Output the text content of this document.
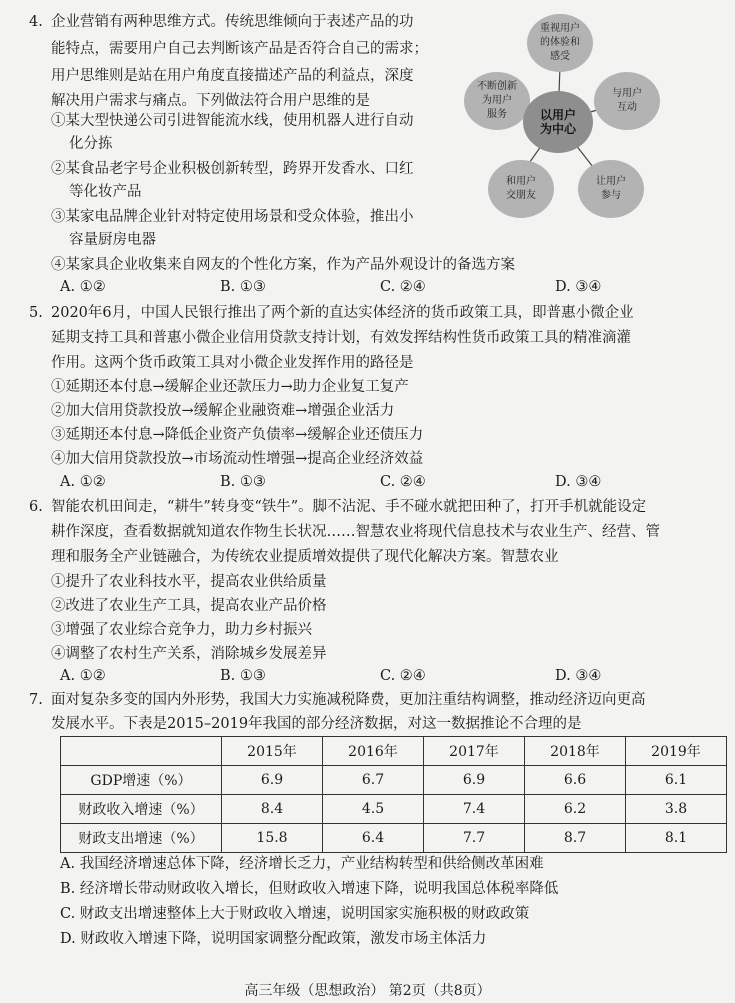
4. 企业营销有两种思维方式。传统思维倾向于表述产品的功
能特点，需要用户自己去判断该产品是否符合自己的需求；
用户思维则是站在用户角度直接描述产品的利益点，深度
解决用户需求与痛点。下列做法符合用户思维的是
①某大型快递公司引进智能流水线，使用机器人进行自动
化分拣
②某食品老字号企业积极创新转型，跨界开发香水、口红
等化妆产品
③某家电品牌企业针对特定使用场景和受众体验，推出小
容量厨房电器
④某家具企业收集来自网友的个性化方案，作为产品外观设计的备选方案
A. ①②	B. ①③	C. ②④	D. ③④
重视用户
的体验和
感受
不断创新
为用户
服务
与用户
互动
以用户
为中心
和用户
交朋友
让用户
参与
5. 2020年6月，中国人民银行推出了两个新的直达实体经济的货币政策工具，即普惠小微企业
延期支持工具和普惠小微企业信用贷款支持计划，有效发挥结构性货币政策工具的精准滴灌
作用。这两个货币政策工具对小微企业发挥作用的路径是
①延期还本付息→缓解企业还款压力→助力企业复工复产
②加大信用贷款投放→缓解企业融资难→增强企业活力
③延期还本付息→降低企业资产负债率→缓解企业还债压力
④加大信用贷款投放→市场流动性增强→提高企业经济效益
A. ①②	B. ①③	C. ②④	D. ③④
6. 智能农机田间走，“耕牛”转身变“铁牛”。脚不沾泥、手不碰水就把田种了，打开手机就能设定
耕作深度，查看数据就知道农作物生长状况……智慧农业将现代信息技术与农业生产、经营、管
理和服务全产业链融合，为传统农业提质增效提供了现代化解决方案。智慧农业
①提升了农业科技水平，提高农业供给质量
②改进了农业生产工具，提高农业产品价格
③增强了农业综合竞争力，助力乡村振兴
④调整了农村生产关系，消除城乡发展差异
A. ①②	B. ①③	C. ②④	D. ③④
7. 面对复杂多变的国内外形势，我国大力实施减税降费，更加注重结构调整，推动经济迈向更高
发展水平。下表是2015–2019年我国的部分经济数据，对这一数据推论不合理的是
	2015年	2016年	2017年	2018年	2019年
GDP增速（%）	6.9	6.7	6.9	6.6	6.1
财政收入增速（%）	8.4	4.5	7.4	6.2	3.8
财政支出增速（%）	15.8	6.4	7.7	8.7	8.1
A. 我国经济增速总体下降，经济增长乏力，产业结构转型和供给侧改革困难
B. 经济增长带动财政收入增长，但财政收入增速下降，说明我国总体税率降低
C. 财政支出增速整体上大于财政收入增速，说明国家实施积极的财政政策
D. 财政收入增速下降，说明国家调整分配政策，激发市场主体活力
高三年级（思想政治） 第2页（共8页）
